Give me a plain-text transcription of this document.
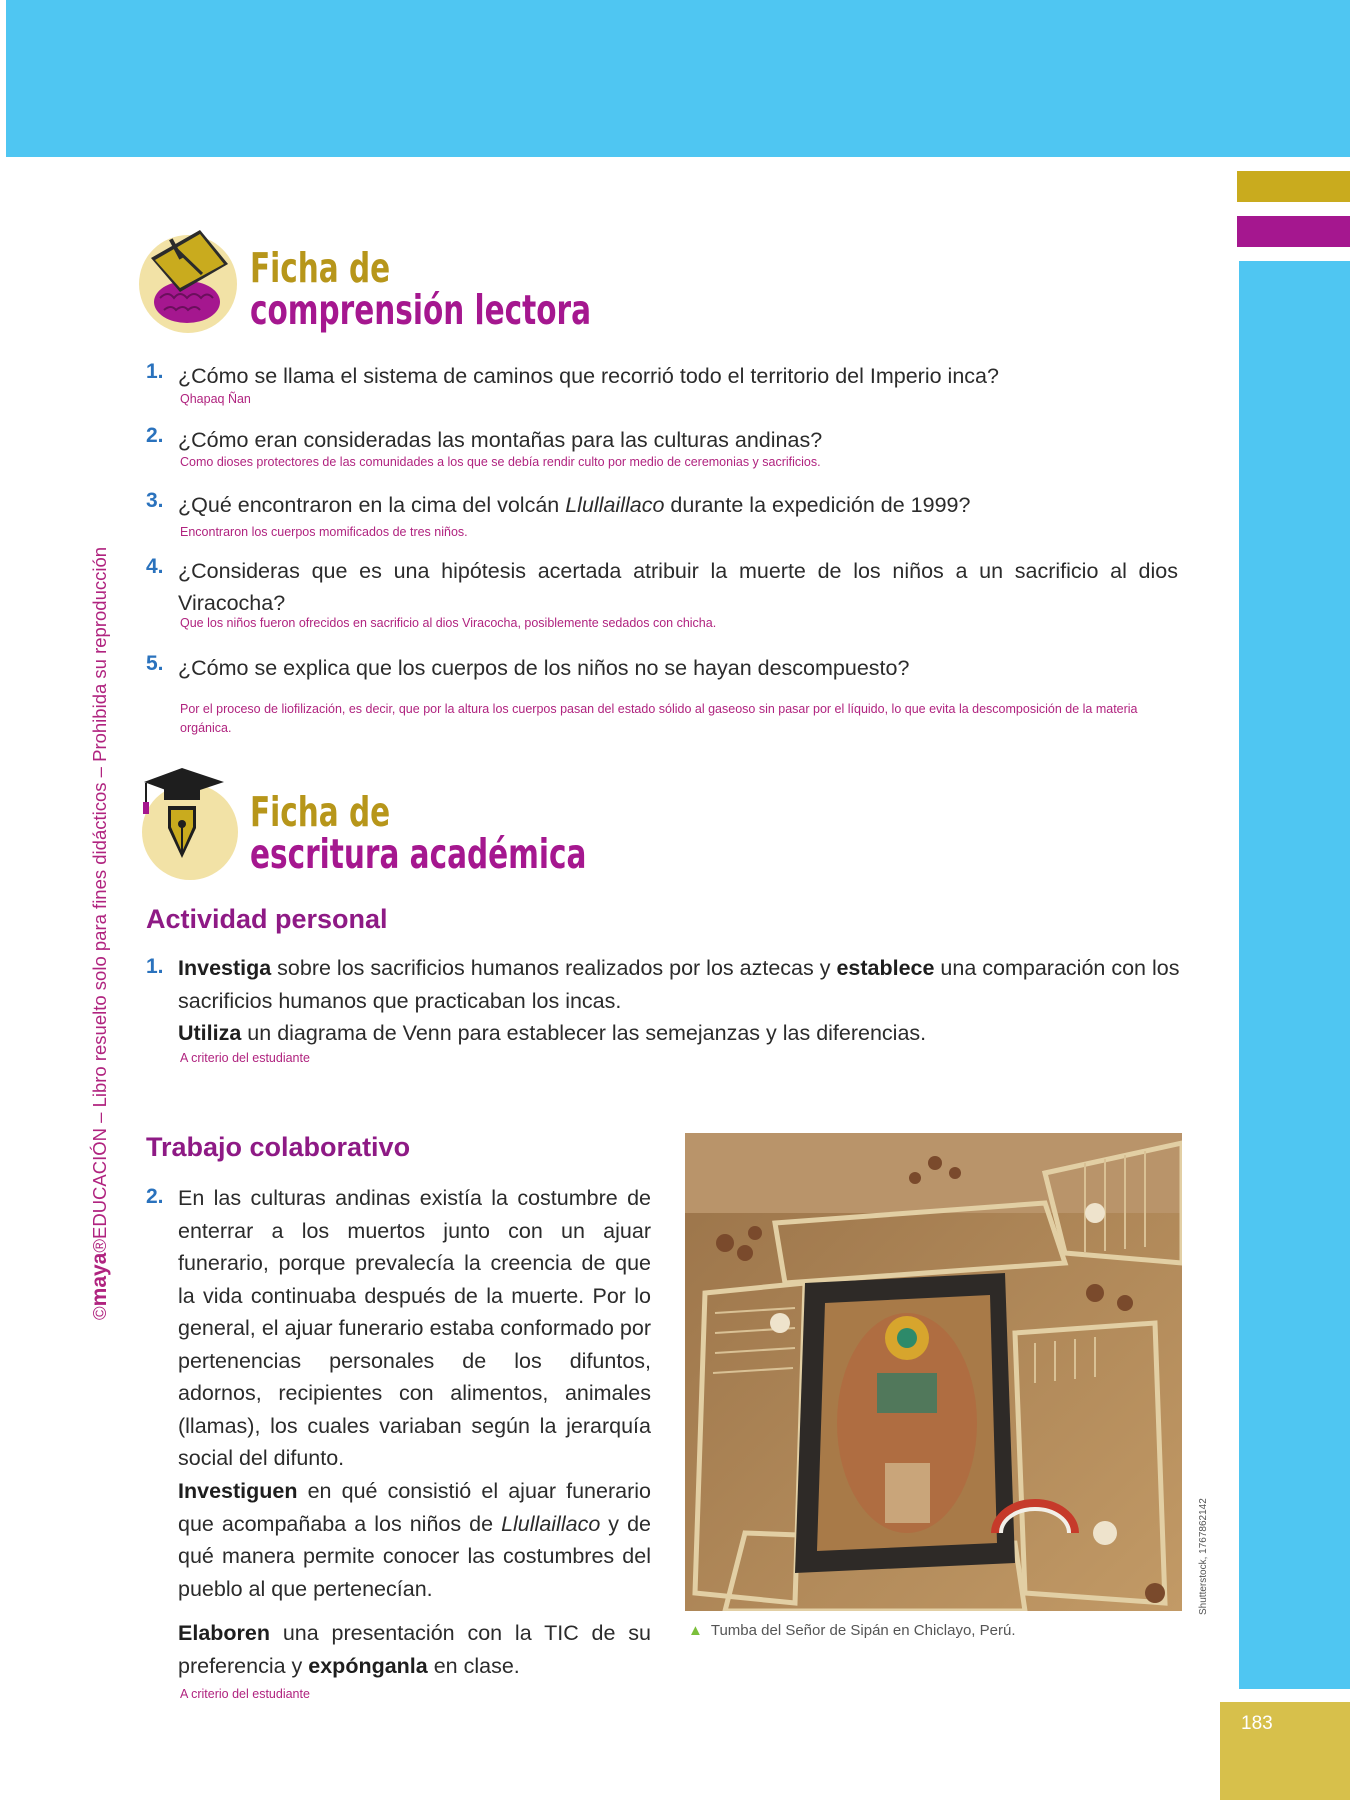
183
©maya®EDUCACIÓN – Libro resuelto solo para fines didácticos – Prohibida su reproducción
Ficha de
comprensión lectora
1. ¿Cómo se llama el sistema de caminos que recorrió todo el territorio del Imperio inca?
Qhapaq Ñan
2. ¿Cómo eran consideradas las montañas para las culturas andinas?
Como dioses protectores de las comunidades a los que se debía rendir culto por medio de ceremonias y sacrificios.
3. ¿Qué encontraron en la cima del volcán Llullaillaco durante la expedición de 1999?
Encontraron los cuerpos momificados de tres niños.
4. ¿Consideras que es una hipótesis acertada atribuir la muerte de los niños a un sacrificio al dios Viracocha?
Que los niños fueron ofrecidos en sacrificio al dios Viracocha, posiblemente sedados con chicha.
5. ¿Cómo se explica que los cuerpos de los niños no se hayan descompuesto?
Por el proceso de liofilización, es decir, que por la altura los cuerpos pasan del estado sólido al gaseoso sin pasar por el líquido, lo que evita la descomposición de la materia orgánica.
Ficha de
escritura académica
Actividad personal
1. Investiga sobre los sacrificios humanos realizados por los aztecas y establece una comparación con los sacrificios humanos que practicaban los incas.
Utiliza un diagrama de Venn para establecer las semejanzas y las diferencias.
A criterio del estudiante
Trabajo colaborativo
2. En las culturas andinas existía la costumbre de enterrar a los muertos junto con un ajuar funerario, porque prevalecía la creencia de que la vida continuaba después de la muerte. Por lo general, el ajuar funerario estaba conformado por pertenencias personales de los difuntos, adornos, recipientes con alimentos, animales (llamas), los cuales variaban según la jerarquía social del difunto.
Investiguen en qué consistió el ajuar funerario que acompañaba a los niños de Llullaillaco y de qué manera permite conocer las costumbres del pueblo al que pertenecían.
Elaboren una presentación con la TIC de su preferencia y expónganla en clase.
A criterio del estudiante
Shutterstock, 176786214​2
▲ Tumba del Señor de Sipán en Chiclayo, Perú.
